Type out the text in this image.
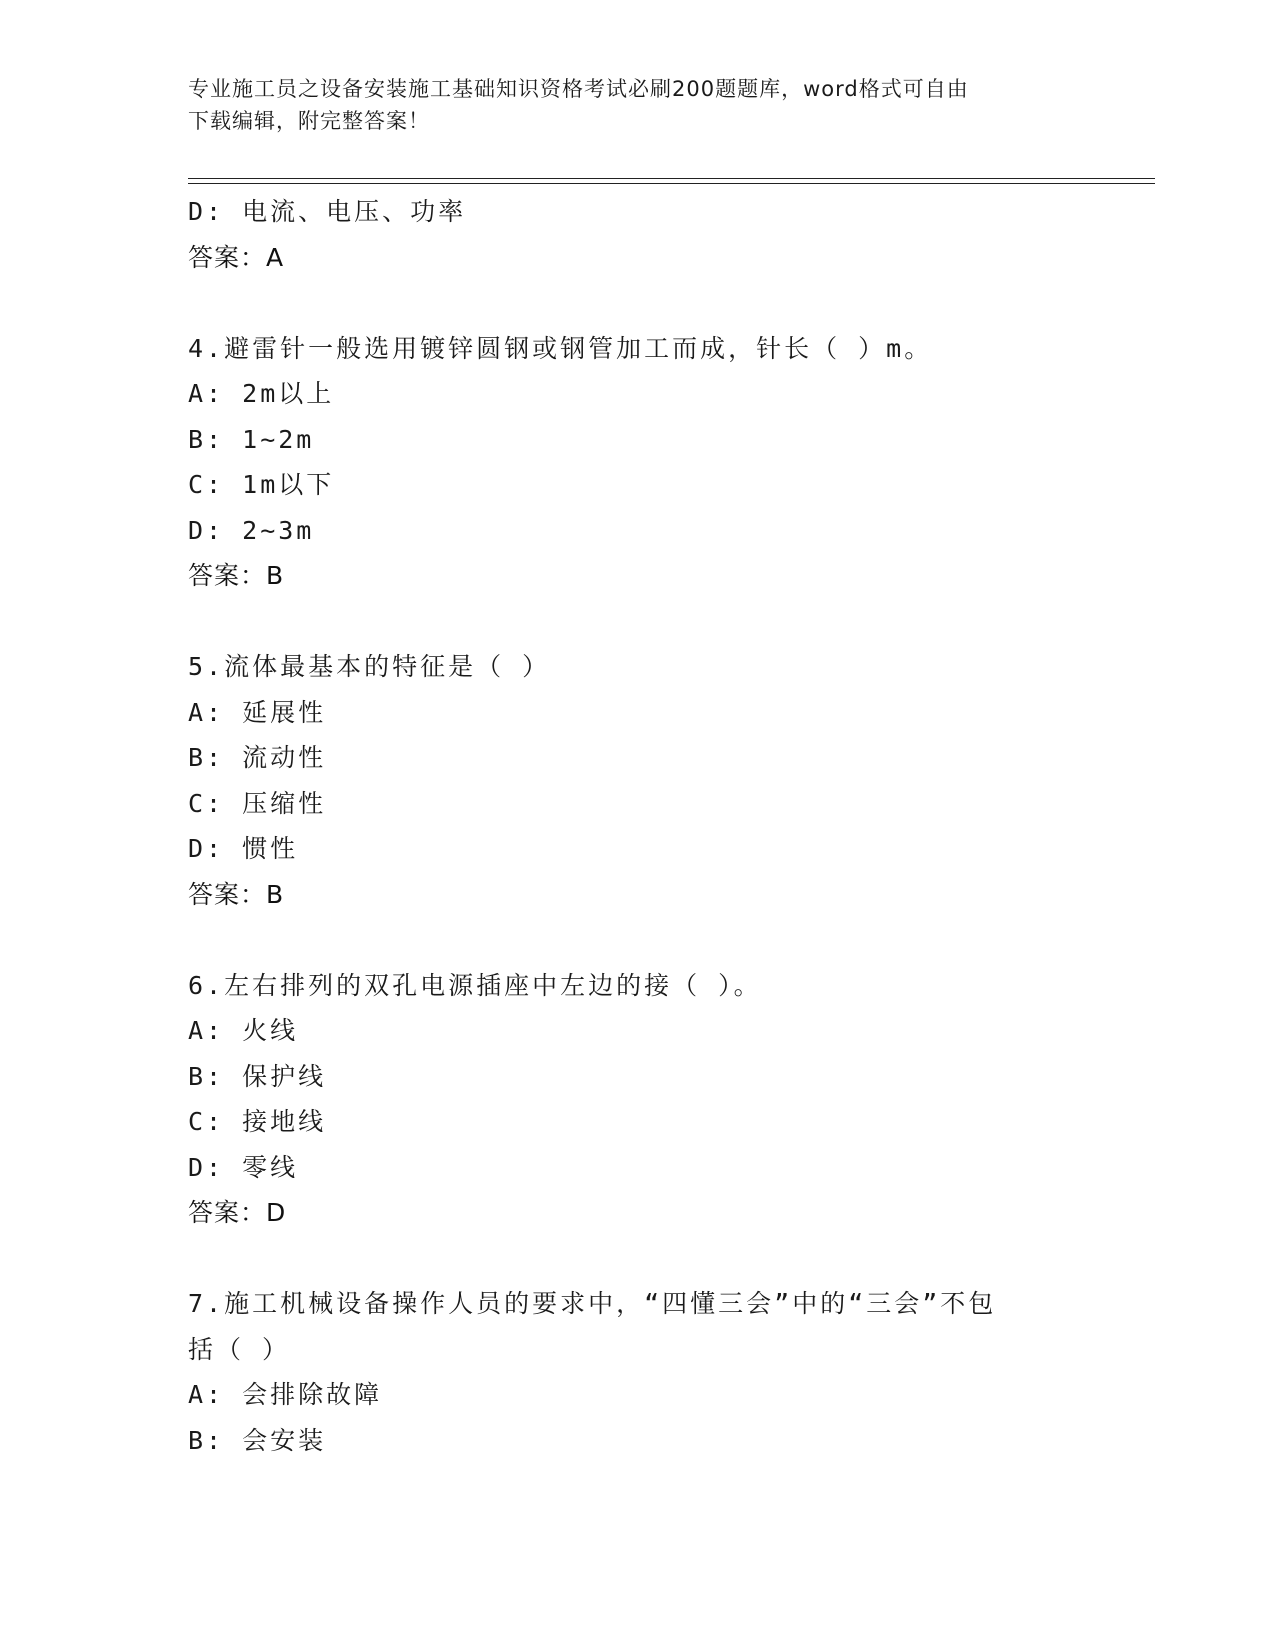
专业施工员之设备安装施工基础知识资格考试必刷200题题库，word格式可自由
下载编辑，附完整答案！
D: 电流、电压、功率
答案：A
4.避雷针一般选用镀锌圆钢或钢管加工而成，针长（ ）m。
A: 2m以上
B: 1~2m
C: 1m以下
D: 2~3m
答案：B
5.流体最基本的特征是（ ）
A: 延展性
B: 流动性
C: 压缩性
D: 惯性
答案：B
6.左右排列的双孔电源插座中左边的接（ ）。
A: 火线
B: 保护线
C: 接地线
D: 零线
答案：D
7.施工机械设备操作人员的要求中，“四懂三会”中的“三会”不包
括（ ）
A: 会排除故障
B: 会安装
